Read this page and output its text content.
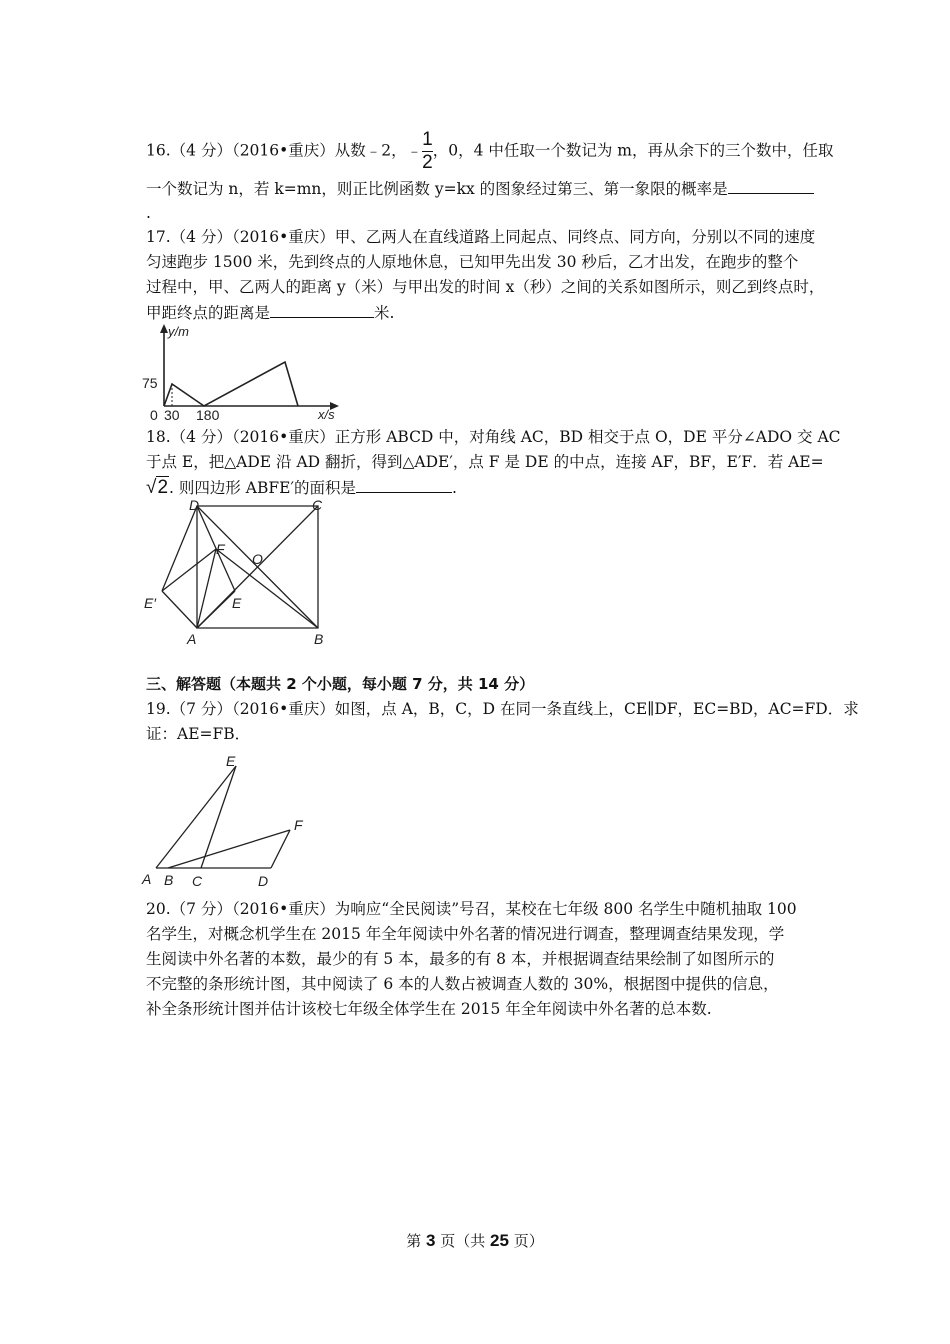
16.（4 分）（2016•重庆）从数﹣2，﹣ $\frac{1}{2}$ ，0，4 中任取一个数记为 m，再从余下的三个数中，任取
一个数记为 n，若 k=mn，则正比例函数 y=kx 的图象经过第三、第一象限的概率是
.
17.（4 分）（2016•重庆）甲、乙两人在直线道路上同起点、同终点、同方向，分别以不同的速度
匀速跑步 1500 米，先到终点的人原地休息，已知甲先出发 30 秒后，乙才出发，在跑步的整个
过程中，甲、乙两人的距离 y（米）与甲出发的时间 x（秒）之间的关系如图所示，则乙到终点时，
甲距终点的距离是	米.
y/m
x/s
75
0 30 180
18.（4 分）（2016•重庆）正方形 ABCD 中，对角线 AC，BD 相交于点 O，DE 平分∠ADO 交 AC
于点 E，把△ADE 沿 AD 翻折，得到△ADE′，点 F 是 DE 的中点，连接 AF，BF，E′F．若 AE=
√2. 则四边形 ABFE′的面积是	.
D	C
F
O
E′	E
A	B
三、解答题（本题共 2 个小题，每小题 7 分，共 14 分）
19.（7 分）（2016•重庆）如图，点 A，B，C，D 在同一条直线上，CE∥DF，EC=BD，AC=FD．求
证：AE=FB．
E
F
A B C	D
20.（7 分）（2016•重庆）为响应“全民阅读”号召，某校在七年级 800 名学生中随机抽取 100
名学生，对概念机学生在 2015 年全年阅读中外名著的情况进行调查，整理调查结果发现，学
生阅读中外名著的本数，最少的有 5 本，最多的有 8 本，并根据调查结果绘制了如图所示的
不完整的条形统计图，其中阅读了 6 本的人数占被调查人数的 30%，根据图中提供的信息，
补全条形统计图并估计该校七年级全体学生在 2015 年全年阅读中外名著的总本数.
第 3 页（共 25 页）
